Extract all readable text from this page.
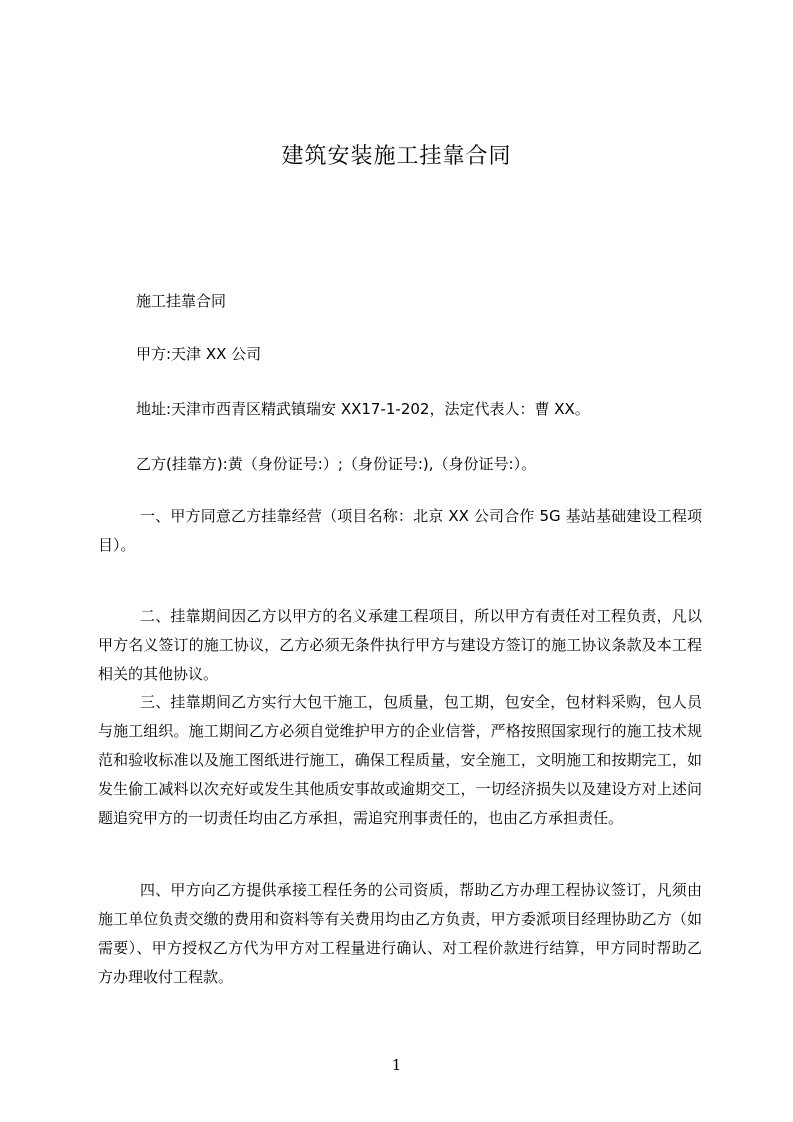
建筑安装施工挂靠合同

施工挂靠合同

甲方:天津 XX 公司

地址:天津市西青区精武镇瑞安 XX17-1-202，法定代表人：曹 XX。

乙方(挂靠方):黄（身份证号:）;（身份证号:),（身份证号:）。

一、甲方同意乙方挂靠经营（项目名称：北京 XX 公司合作 5G 基站基础建设工程项目）。

二、挂靠期间因乙方以甲方的名义承建工程项目，所以甲方有责任对工程负责，凡以甲方名义签订的施工协议，乙方必须无条件执行甲方与建设方签订的施工协议条款及本工程相关的其他协议。

三、挂靠期间乙方实行大包干施工，包质量，包工期，包安全，包材料采购，包人员与施工组织。施工期间乙方必须自觉维护甲方的企业信誉，严格按照国家现行的施工技术规范和验收标准以及施工图纸进行施工，确保工程质量，安全施工，文明施工和按期完工，如发生偷工减料以次充好或发生其他质安事故或逾期交工，一切经济损失以及建设方对上述问题追究甲方的一切责任均由乙方承担，需追究刑事责任的，也由乙方承担责任。

四、甲方向乙方提供承接工程任务的公司资质，帮助乙方办理工程协议签订，凡须由施工单位负责交缴的费用和资料等有关费用均由乙方负责，甲方委派项目经理协助乙方（如需要）、甲方授权乙方代为甲方对工程量进行确认、对工程价款进行结算，甲方同时帮助乙方办理收付工程款。

1
